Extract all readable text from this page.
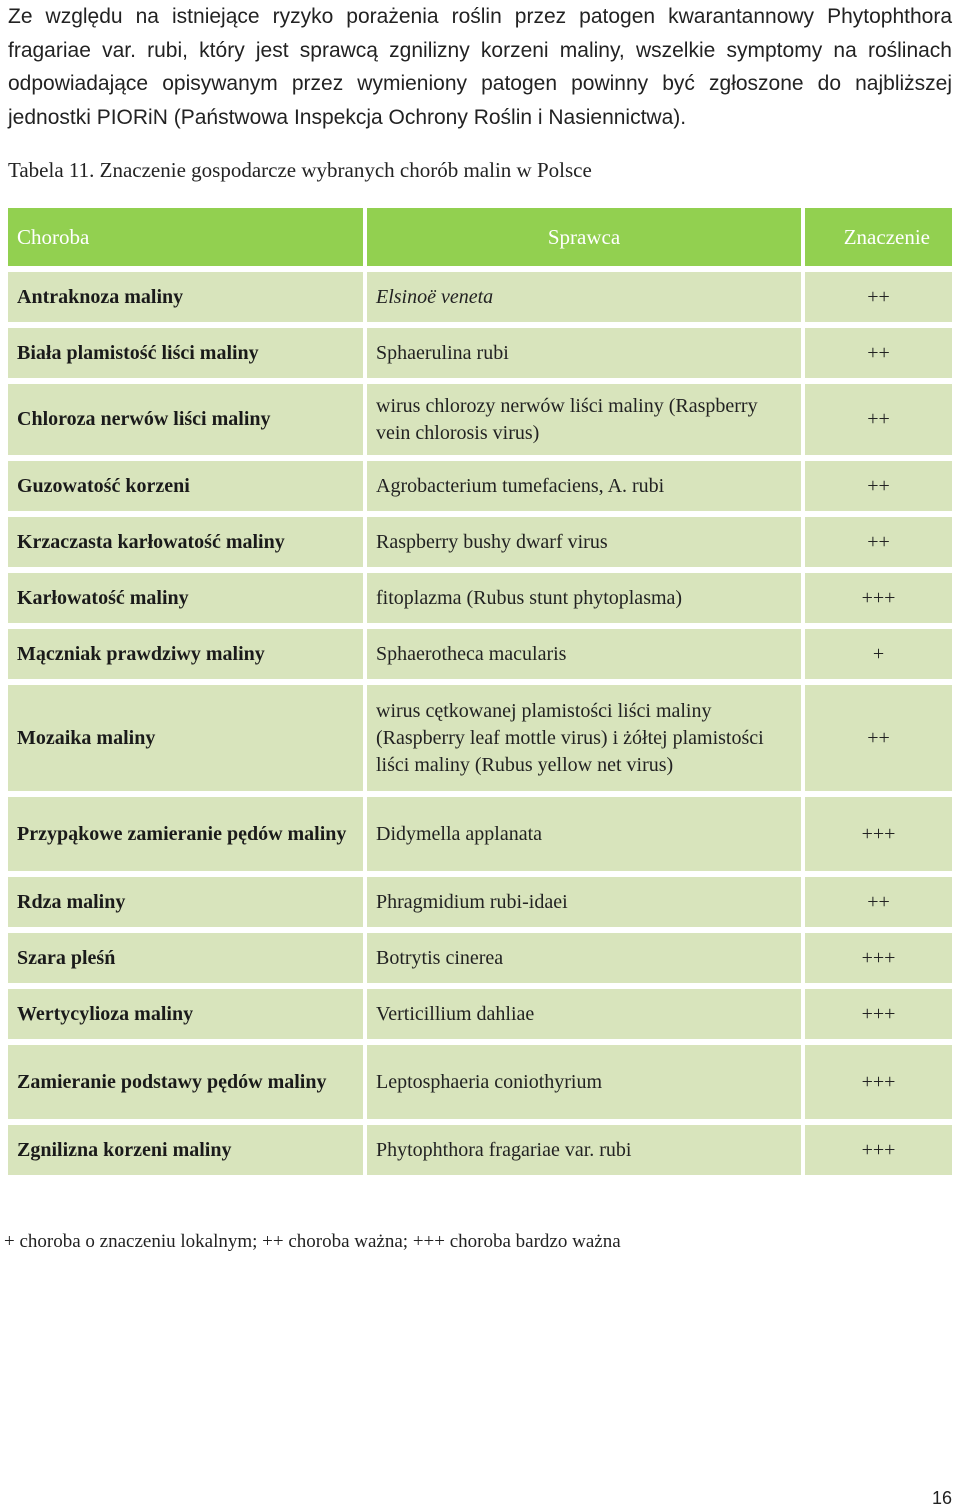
Ze względu na istniejące ryzyko porażenia roślin przez patogen kwarantannowy Phytophthora fragariae var. rubi, który jest sprawcą zgnilizny korzeni maliny, wszelkie symptomy na roślinach odpowiadające opisywanym przez wymieniony patogen powinny być zgłoszone do najbliższej jednostki PIORiN (Państwowa Inspekcja Ochrony Roślin i Nasiennictwa).

Tabela 11. Znaczenie gospodarcze wybranych chorób malin w Polsce

Choroba	Sprawca	Znaczenie
Antraknoza maliny	Elsinoë veneta	++
Biała plamistość liści maliny	Sphaerulina rubi	++
Chloroza nerwów liści maliny	wirus chlorozy nerwów liści maliny (Raspberry vein chlorosis virus)	++
Guzowatość korzeni	Agrobacterium tumefaciens, A. rubi	++
Krzaczasta karłowatość maliny	Raspberry bushy dwarf virus	++
Karłowatość maliny	fitoplazma (Rubus stunt phytoplasma)	+++
Mączniak prawdziwy maliny	Sphaerotheca macularis	+
Mozaika maliny	wirus cętkowanej plamistości liści maliny (Raspberry leaf mottle virus) i żółtej plamistości liści maliny (Rubus yellow net virus)	++
Przypąkowe zamieranie pędów maliny	Didymella applanata	+++
Rdza maliny	Phragmidium rubi-idaei	++
Szara pleśń	Botrytis cinerea	+++
Wertycylioza maliny	Verticillium dahliae	+++
Zamieranie podstawy pędów maliny	Leptosphaeria coniothyrium	+++
Zgnilizna korzeni maliny	Phytophthora fragariae var. rubi	+++

+ choroba o znaczeniu lokalnym; ++ choroba ważna; +++ choroba bardzo ważna

16
